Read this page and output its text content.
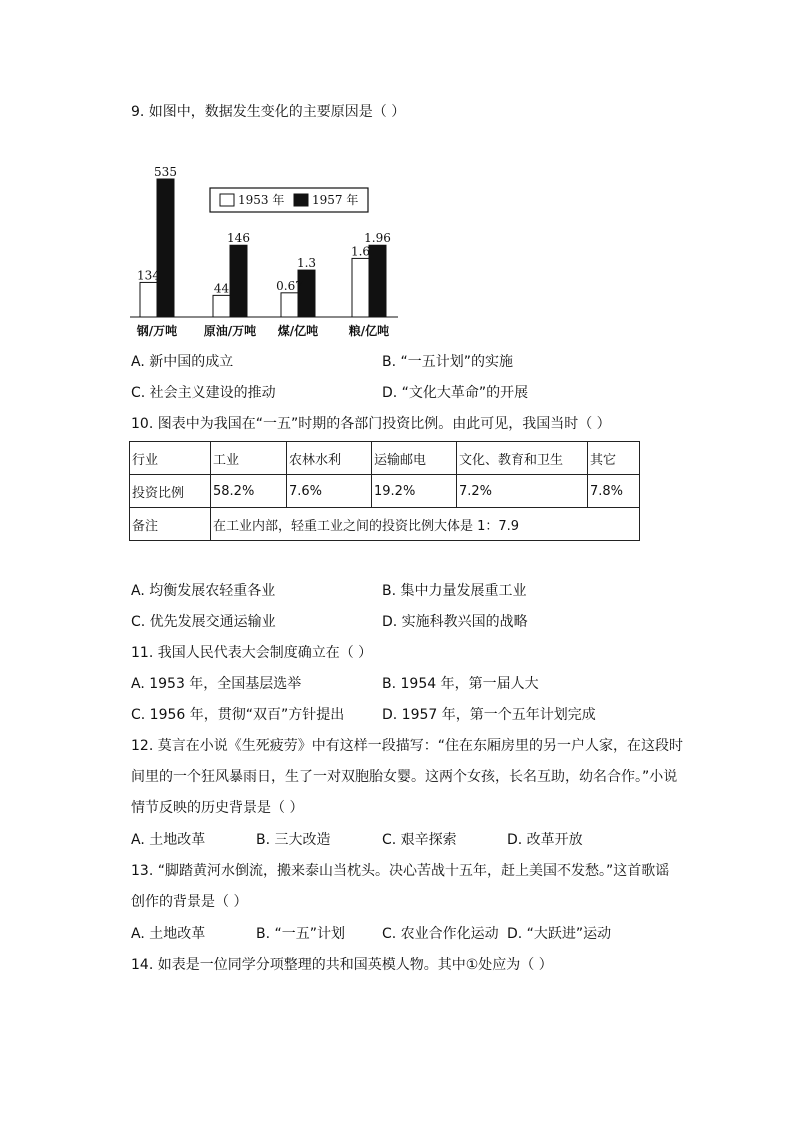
9. 如图中，数据发生变化的主要原因是（ ）
134
535
44
146
0.67
1.3
1.6
1.96
1953 年 1957 年
钢/万吨 原油/万吨 煤/亿吨	粮/亿吨
A. 新中国的成立	B. “一五计划”的实施
C. 社会主义建设的推动	D. “文化大革命”的开展
10. 图表中为我国在“一五”时期的各部门投资比例。由此可见，我国当时（ ）
行业	工业	农林水利	运输邮电	文化、教育和卫生	其它
投资比例	58.2%	7.6%	19.2%	7.2%	7.8%
备注	在工业内部，轻重工业之间的投资比例大体是 1：7.9				
A. 均衡发展农轻重各业	B. 集中力量发展重工业
C. 优先发展交通运输业	D. 实施科教兴国的战略
11. 我国人民代表大会制度确立在（ ）
A. 1953 年，全国基层选举	B. 1954 年，第一届人大
C. 1956 年，贯彻“双百”方针提出	D. 1957 年，第一个五年计划完成
12. 莫言在小说《生死疲劳》中有这样一段描写：“住在东厢房里的另一户人家，在这段时
间里的一个狂风暴雨日，生了一对双胞胎女婴。这两个女孩，长名互助，幼名合作。”小说
情节反映的历史背景是（ ）
A. 土地改革	B. 三大改造	C. 艰辛探索	D. 改革开放
13. “脚踏黄河水倒流，搬来泰山当枕头。决心苦战十五年，赶上美国不发愁。”这首歌谣
创作的背景是（ ）
A. 土地改革	B. “一五”计划	C. 农业合作化运动 D. “大跃进”运动
14. 如表是一位同学分项整理的共和国英模人物。其中①处应为（ ）
